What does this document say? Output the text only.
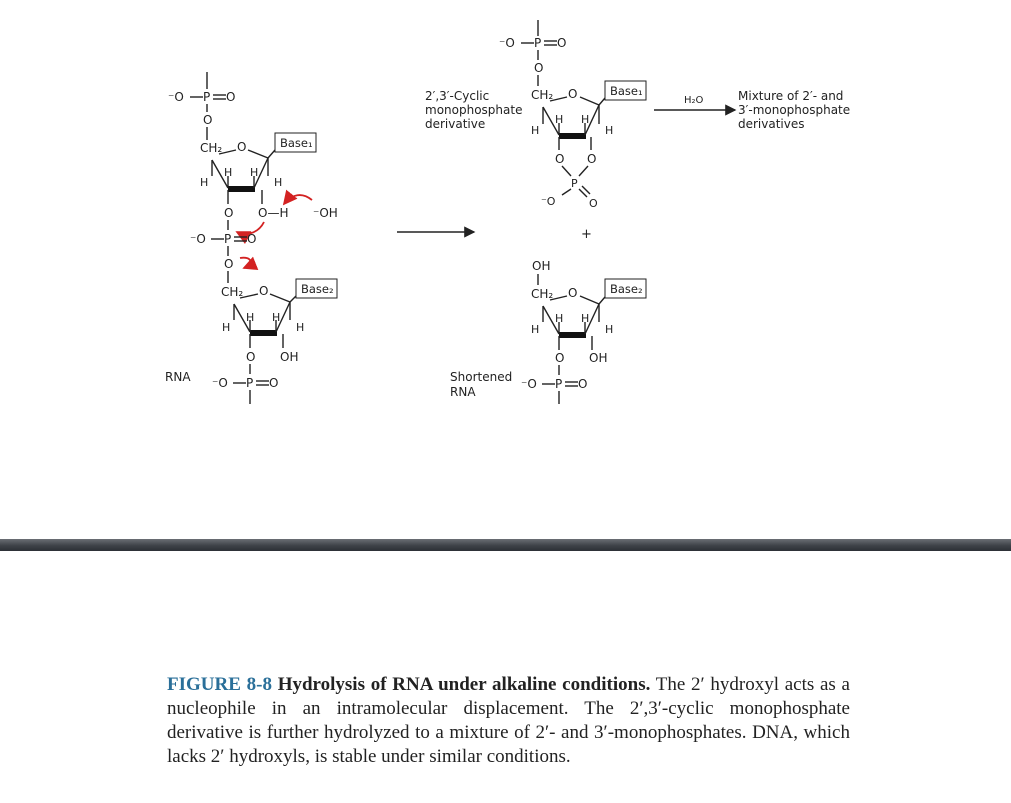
⁻O P O
O
CH₂ O	Base₁
H
H H
H
O O—H ⁻OH
⁻O P O
O
CH₂ O	Base₂
H
H H
H
O OH
⁻O P O
RNA
⁻O P O
O
CH₂ O	Base₁
H
H H
H
O O
P
⁻O	O
2′,3′-Cyclic monophosphate derivative
H₂O	Mixture of 2′- and 3′-monophosphate derivatives
+
OH
CH₂ O	Base₂
H
H H
H
O OH
⁻O P O
Shortened RNA
FIGURE 8-8 Hydrolysis of RNA under alkaline conditions. The 2′ hydroxyl acts as a nucleophile in an intramolecular displacement. The 2′,3′-cyclic monophosphate derivative is further hydrolyzed to a mixture of 2′- and 3′-monophosphates. DNA, which lacks 2′ hydroxyls, is stable under similar conditions.
